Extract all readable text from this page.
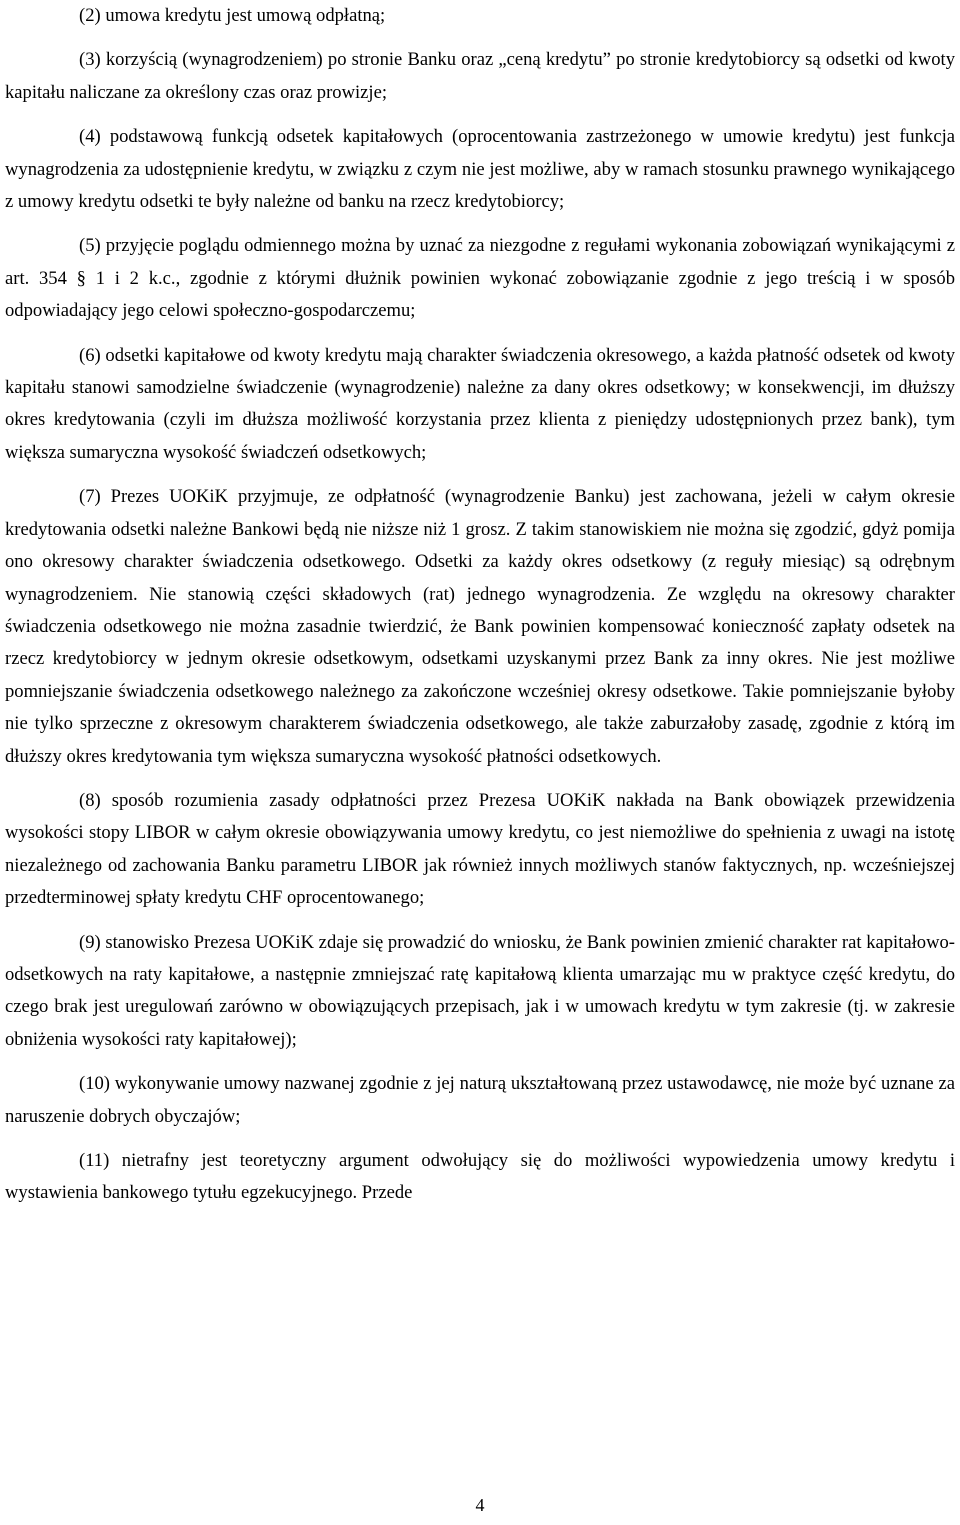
(2) umowa kredytu jest umową odpłatną;

(3) korzyścią (wynagrodzeniem) po stronie Banku oraz „ceną kredytu” po stronie kredytobiorcy są odsetki od kwoty kapitału naliczane za określony czas oraz prowizje;

(4) podstawową funkcją odsetek kapitałowych (oprocentowania zastrzeżonego w umowie kredytu) jest funkcja wynagrodzenia za udostępnienie kredytu, w związku z czym nie jest możliwe, aby w ramach stosunku prawnego wynikającego z umowy kredytu odsetki te były należne od banku na rzecz kredytobiorcy;

(5) przyjęcie poglądu odmiennego można by uznać za niezgodne z regułami wykonania zobowiązań wynikającymi z art. 354 § 1 i 2 k.c., zgodnie z którymi dłużnik powinien wykonać zobowiązanie zgodnie z jego treścią i w sposób odpowiadający jego celowi społeczno-gospodarczemu;

(6) odsetki kapitałowe od kwoty kredytu mają charakter świadczenia okresowego, a każda płatność odsetek od kwoty kapitału stanowi samodzielne świadczenie (wynagrodzenie) należne za dany okres odsetkowy; w konsekwencji, im dłuższy okres kredytowania (czyli im dłuższa możliwość korzystania przez klienta z pieniędzy udostępnionych przez bank), tym większa sumaryczna wysokość świadczeń odsetkowych;

(7) Prezes UOKiK przyjmuje, ze odpłatność (wynagrodzenie Banku) jest zachowana, jeżeli w całym okresie kredytowania odsetki należne Bankowi będą nie niższe niż 1 grosz. Z takim stanowiskiem nie można się zgodzić, gdyż pomija ono okresowy charakter świadczenia odsetkowego. Odsetki za każdy okres odsetkowy (z reguły miesiąc) są odrębnym wynagrodzeniem. Nie stanowią części składowych (rat) jednego wynagrodzenia. Ze względu na okresowy charakter świadczenia odsetkowego nie można zasadnie twierdzić, że Bank powinien kompensować konieczność zapłaty odsetek na rzecz kredytobiorcy w jednym okresie odsetkowym, odsetkami uzyskanymi przez Bank za inny okres. Nie jest możliwe pomniejszanie świadczenia odsetkowego należnego za zakończone wcześniej okresy odsetkowe. Takie pomniejszanie byłoby nie tylko sprzeczne z okresowym charakterem świadczenia odsetkowego, ale także zaburzałoby zasadę, zgodnie z którą im dłuższy okres kredytowania tym większa sumaryczna wysokość płatności odsetkowych.

(8) sposób rozumienia zasady odpłatności przez Prezesa UOKiK nakłada na Bank obowiązek przewidzenia wysokości stopy LIBOR w całym okresie obowiązywania umowy kredytu, co jest niemożliwe do spełnienia z uwagi na istotę niezależnego od zachowania Banku parametru LIBOR jak również innych możliwych stanów faktycznych, np. wcześniejszej przedterminowej spłaty kredytu CHF oprocentowanego;

(9) stanowisko Prezesa UOKiK zdaje się prowadzić do wniosku, że Bank powinien zmienić charakter rat kapitałowo-odsetkowych na raty kapitałowe, a następnie zmniejszać ratę kapitałową klienta umarzając mu w praktyce część kredytu, do czego brak jest uregulowań zarówno w obowiązujących przepisach, jak i w umowach kredytu w tym zakresie (tj. w zakresie obniżenia wysokości raty kapitałowej);

(10) wykonywanie umowy nazwanej zgodnie z jej naturą ukształtowaną przez ustawodawcę, nie może być uznane za naruszenie dobrych obyczajów;

(11) nietrafny jest teoretyczny argument odwołujący się do możliwości wypowiedzenia umowy kredytu i wystawienia bankowego tytułu egzekucyjnego. Przede

4
